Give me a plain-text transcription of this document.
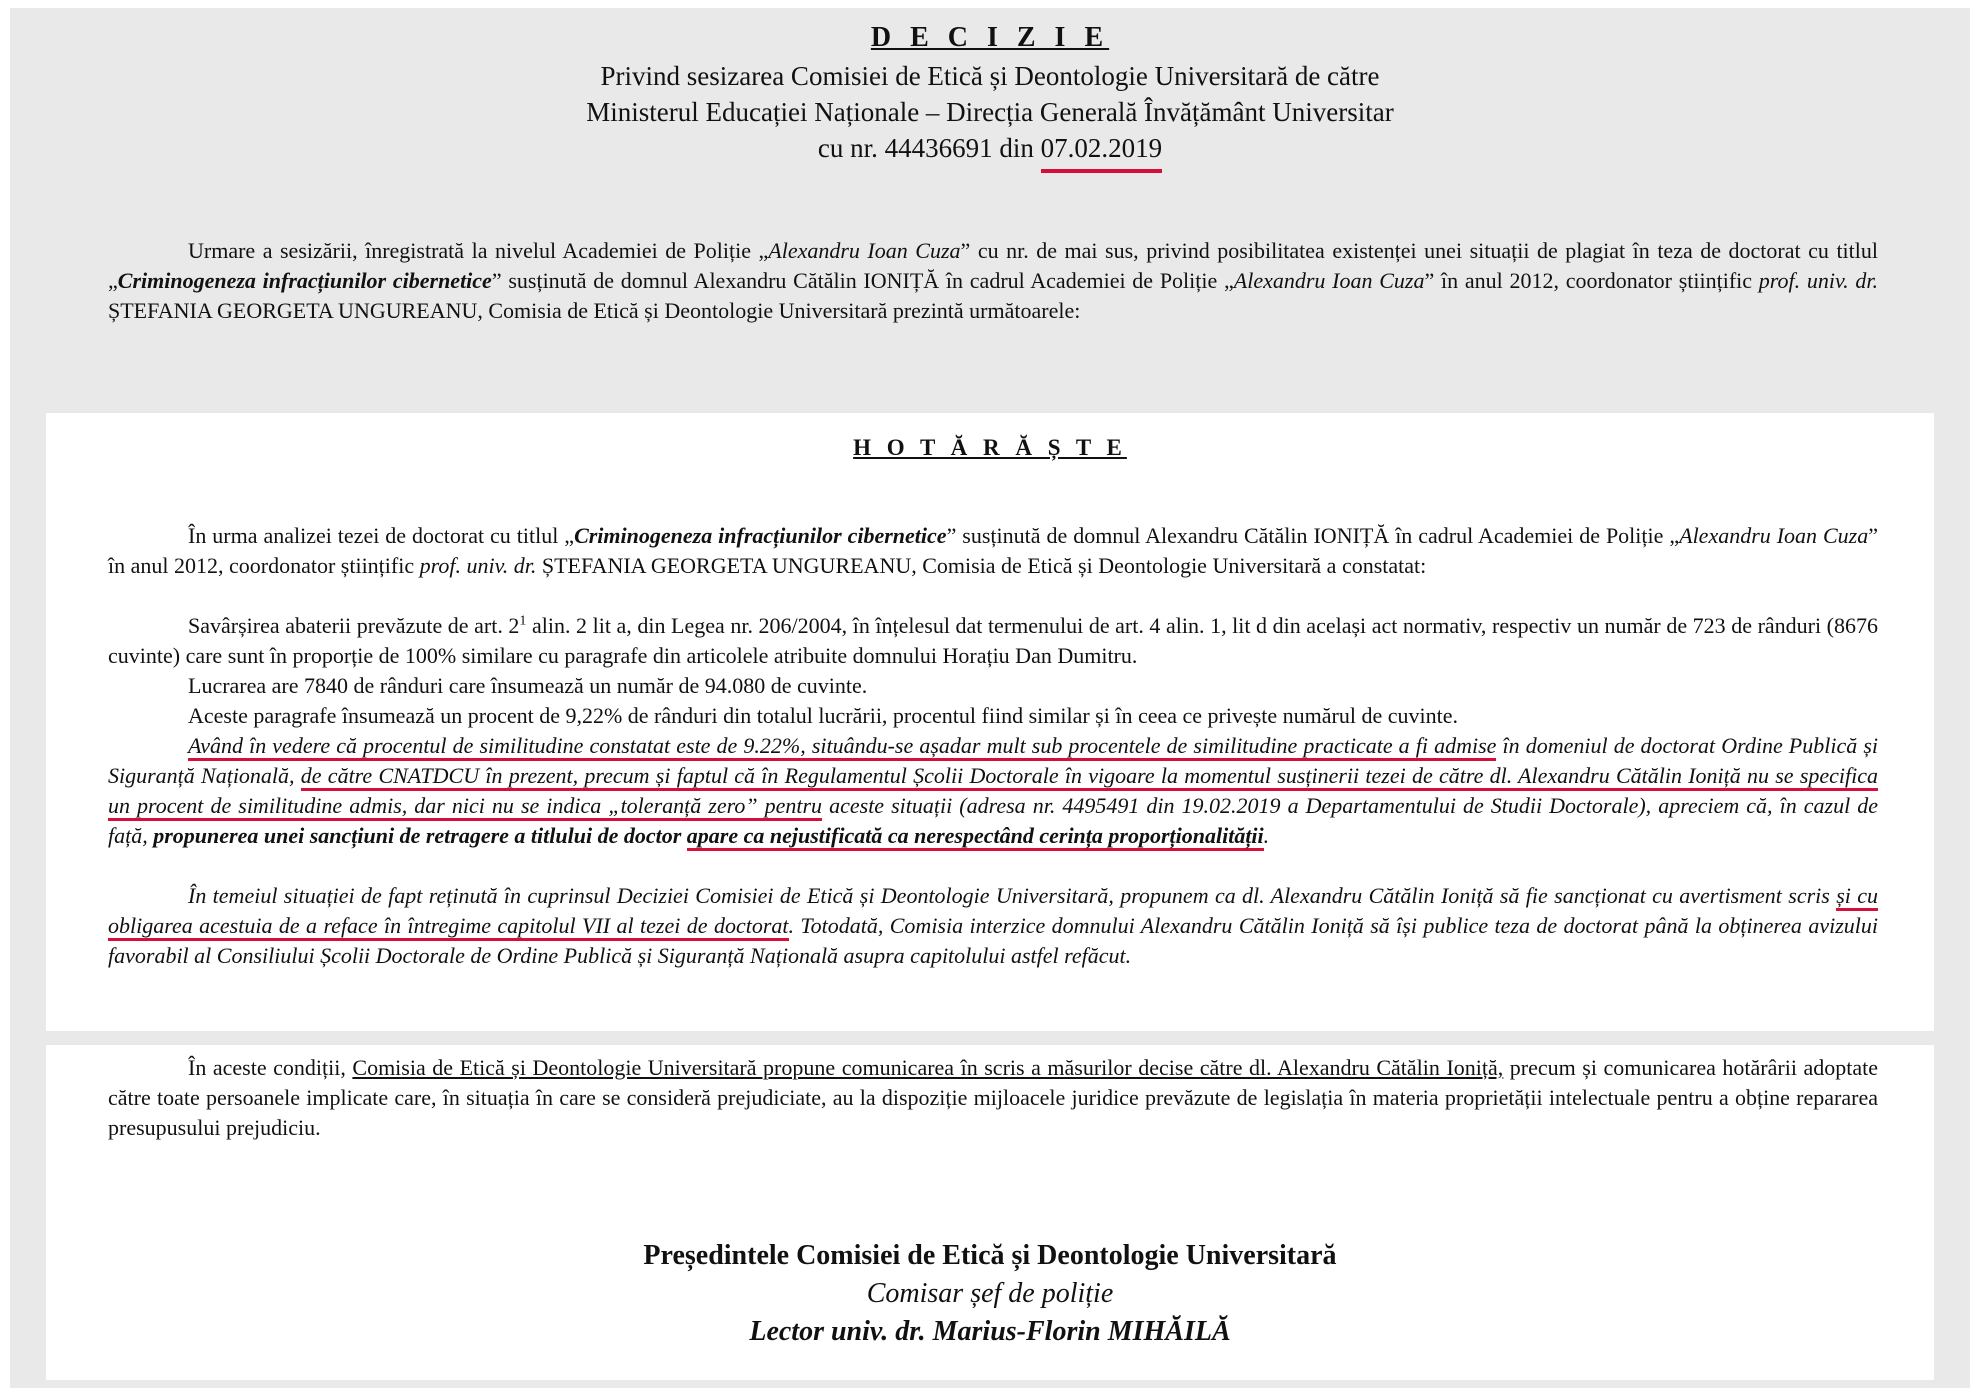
D E C I Z I E
Privind sesizarea Comisiei de Etică și Deontologie Universitară de către
Ministerul Educației Naționale – Direcția Generală Învățământ Universitar
cu nr. 44436691 din 07.02.2019
Urmare a sesizării, înregistrată la nivelul Academiei de Poliție „Alexandru Ioan Cuza” cu nr. de mai sus, privind posibilitatea existenței unei situații de plagiat în teza de doctorat cu titlul „Criminogeneza infracțiunilor cibernetice” susținută de domnul Alexandru Cătălin IONIȚĂ în cadrul Academiei de Poliție „Alexandru Ioan Cuza” în anul 2012, coordonator științific prof. univ. dr. ȘTEFANIA GEORGETA UNGUREANU, Comisia de Etică și Deontologie Universitară prezintă următoarele:
H O T Ă R Ă Ș T E
În urma analizei tezei de doctorat cu titlul „Criminogeneza infracțiunilor cibernetice” susținută de domnul Alexandru Cătălin IONIȚĂ în cadrul Academiei de Poliție „Alexandru Ioan Cuza” în anul 2012, coordonator științific prof. univ. dr. ȘTEFANIA GEORGETA UNGUREANU, Comisia de Etică și Deontologie Universitară a constatat:
Savârșirea abaterii prevăzute de art. $2^1$ alin. 2 lit a, din Legea nr. 206/2004, în înțelesul dat termenului de art. 4 alin. 1, lit d din același act normativ, respectiv un număr de 723 de rânduri (8676 cuvinte) care sunt în proporție de 100% similare cu paragrafe din articolele atribuite domnului Horațiu Dan Dumitru.
Lucrarea are 7840 de rânduri care însumează un număr de 94.080 de cuvinte.
Aceste paragrafe însumează un procent de 9,22% de rânduri din totalul lucrării, procentul fiind similar și în ceea ce privește numărul de cuvinte.
Având în vedere că procentul de similitudine constatat este de 9.22%, situându-se așadar mult sub procentele de similitudine practicate a fi admise în domeniul de doctorat Ordine Publică și Siguranță Națională, de către CNATDCU în prezent, precum și faptul că în Regulamentul Școlii Doctorale în vigoare la momentul susținerii tezei de către dl. Alexandru Cătălin Ioniță nu se specifica un procent de similitudine admis, dar nici nu se indica „toleranță zero” pentru aceste situații (adresa nr. 4495491 din 19.02.2019 a Departamentului de Studii Doctorale), apreciem că, în cazul de față, propunerea unei sancțiuni de retragere a titlului de doctor apare ca nejustificată ca nerespectând cerința proporționalității.
În temeiul situației de fapt reținută în cuprinsul Deciziei Comisiei de Etică și Deontologie Universitară, propunem ca dl. Alexandru Cătălin Ioniță să fie sancționat cu avertisment scris și cu obligarea acestuia de a reface în întregime capitolul VII al tezei de doctorat. Totodată, Comisia interzice domnului Alexandru Cătălin Ioniță să își publice teza de doctorat până la obținerea avizului favorabil al Consiliului Școlii Doctorale de Ordine Publică și Siguranță Națională asupra capitolului astfel refăcut.
În aceste condiții, Comisia de Etică și Deontologie Universitară propune comunicarea în scris a măsurilor decise către dl. Alexandru Cătălin Ioniță, precum și comunicarea hotărârii adoptate către toate persoanele implicate care, în situația în care se consideră prejudiciate, au la dispoziție mijloacele juridice prevăzute de legislația în materia proprietății intelectuale pentru a obține repararea presupusului prejudiciu.
Președintele Comisiei de Etică și Deontologie Universitară
Comisar șef de poliție
Lector univ. dr. Marius-Florin MIHĂILĂ
